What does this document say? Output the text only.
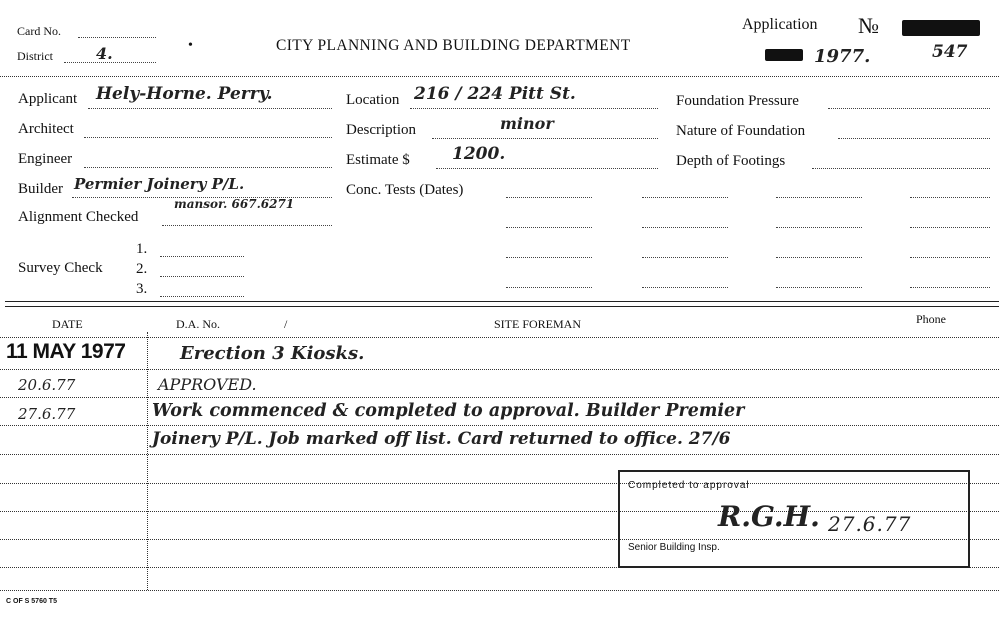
Card No.
District	4.	•	CITY PLANNING AND BUILDING DEPARTMENT
Application №
1977.	547
Applicant Hely-Horne. Perry.
Architect
Engineer
Builder Permier Joinery P/L.
mansor. 667.6271
Alignment Checked
Survey Check
1.
2.
3.
Location 216 / 224 Pitt St.
Description	minor
Estimate $ 1200.
Conc. Tests (Dates)
Foundation Pressure
Nature of Foundation
Depth of Footings
DATE	D.A. No.	/	SITE FOREMAN	Phone
11 MAY 1977	Erection 3 Kiosks.
20.6.77	APPROVED.
27.6.77	Work commenced & completed to approval. Builder Premier
Joinery P/L. Job marked off list. Card returned to office. 27/6
Completed to approval
R.G.H. 27.6.77
Senior Building Insp.
C OF S 5760 T5
